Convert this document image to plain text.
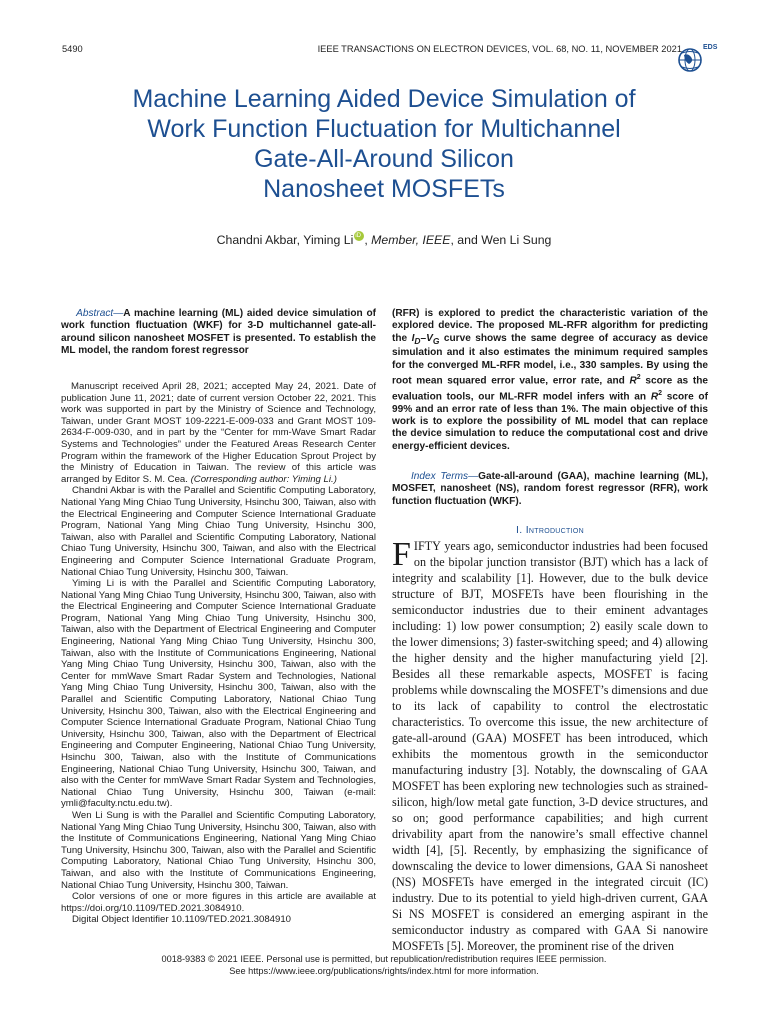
5490	IEEE TRANSACTIONS ON ELECTRON DEVICES, VOL. 68, NO. 11, NOVEMBER 2021	EDS
Machine Learning Aided Device Simulation of
Work Function Fluctuation for Multichannel
Gate-All-Around Silicon
Nanosheet MOSFETs
Chandni Akbar, Yiming LiiD , Member, IEEE, and Wen Li Sung
Abstract—A machine learning (ML) aided device simulation of work function fluctuation (WKF) for 3-D multichannel gate-all-around silicon nanosheet MOSFET is presented. To establish the ML model, the random forest regressor

Manuscript received April 28, 2021; accepted May 24, 2021. Date of publication June 11, 2021; date of current version October 22, 2021. This work was supported in part by the Ministry of Science and Technology, Taiwan, under Grant MOST 109-2221-E-009-033 and Grant MOST 109-2634-F-009-030, and in part by the “Center for mm-Wave Smart Radar Systems and Technologies” under the Featured Areas Research Center Program within the framework of the Higher Education Sprout Project by the Ministry of Education in Taiwan. The review of this article was arranged by Editor S. M. Cea. (Corresponding author: Yiming Li.)

Chandni Akbar is with the Parallel and Scientific Computing Laboratory, National Yang Ming Chiao Tung University, Hsinchu 300, Taiwan, also with the Electrical Engineering and Computer Science International Graduate Program, National Yang Ming Chiao Tung University, Hsinchu 300, Taiwan, also with Parallel and Scientific Computing Laboratory, National Chiao Tung University, Hsinchu 300, Taiwan, and also with the Electrical Engineering and Computer Science International Graduate Program, National Chiao Tung University, Hsinchu 300, Taiwan.

Yiming Li is with the Parallel and Scientific Computing Laboratory, National Yang Ming Chiao Tung University, Hsinchu 300, Taiwan, also with the Electrical Engineering and Computer Science International Graduate Program, National Yang Ming Chiao Tung University, Hsinchu 300, Taiwan, also with the Department of Electrical Engineering and Computer Engineering, National Yang Ming Chiao Tung University, Hsinchu 300, Taiwan, also with the Institute of Communications Engineering, National Yang Ming Chiao Tung University, Hsinchu 300, Taiwan, also with the Center for mmWave Smart Radar System and Technologies, National Yang Ming Chiao Tung University, Hsinchu 300, Taiwan, also with the Parallel and Scientific Computing Laboratory, National Chiao Tung University, Hsinchu 300, Taiwan, also with the Electrical Engineering and Computer Science International Graduate Program, National Chiao Tung University, Hsinchu 300, Taiwan, also with the Department of Electrical Engineering and Computer Engineering, National Chiao Tung University, Hsinchu 300, Taiwan, also with the Institute of Communications Engineering, National Chiao Tung University, Hsinchu 300, Taiwan, and also with the Center for mmWave Smart Radar System and Technologies, National Chiao Tung University, Hsinchu 300, Taiwan (e-mail: ymli@faculty.nctu.edu.tw).

Wen Li Sung is with the Parallel and Scientific Computing Laboratory, National Yang Ming Chiao Tung University, Hsinchu 300, Taiwan, also with the Institute of Communications Engineering, National Yang Ming Chiao Tung University, Hsinchu 300, Taiwan, also with the Parallel and Scientific Computing Laboratory, National Chiao Tung University, Hsinchu 300, Taiwan, and also with the Institute of Communications Engineering, National Chiao Tung University, Hsinchu 300, Taiwan.

Color versions of one or more figures in this article are available at https://doi.org/10.1109/TED.2021.3084910.

Digital Object Identifier 10.1109/TED.2021.3084910

(RFR) is explored to predict the characteristic variation of the explored device. The proposed ML-RFR algorithm for predicting the $I_D-V_G$ curve shows the same degree of accuracy as device simulation and it also estimates the minimum required samples for the converged ML-RFR model, i.e., 330 samples. By using the root mean squared error value, error rate, and $R^2$ score as the evaluation tools, our ML-RFR model infers with an $R^2$ score of 99% and an error rate of less than 1%. The main objective of this work is to explore the possibility of ML model that can replace the device simulation to reduce the computational cost and drive energy-efficient devices.
Index Terms—Gate-all-around (GAA), machine learning (ML), MOSFET, nanosheet (NS), random forest regressor (RFR), work function fluctuation (WKF).
I. Introduction
FIFTY years ago, semiconductor industries had been focused on the bipolar junction transistor (BJT) which has a lack of integrity and scalability [1]. However, due to the bulk device structure of BJT, MOSFETs have been flourishing in the semiconductor industries due to their eminent advantages including: 1) low power consumption; 2) easily scale down to the lower dimensions; 3) faster-switching speed; and 4) allowing the higher density and the higher manufacturing yield [2]. Besides all these remarkable aspects, MOSFET is facing problems while downscaling the MOSFET’s dimensions and due to its lack of capability to control the electrostatic characteristics. To overcome this issue, the new architecture of gate-all-around (GAA) MOSFET has been introduced, which exhibits the momentous growth in the semiconductor manufacturing industry [3]. Notably, the downscaling of GAA MOSFET has been exploring new technologies such as strained-silicon, high/low metal gate function, 3-D device structures, and so on; good performance capabilities; and high current drivability apart from the nanowire’s small effective channel width [4], [5]. Recently, by emphasizing the significance of downscaling the device to lower dimensions, GAA Si nanosheet (NS) MOSFETs have emerged in the integrated circuit (IC) industry. Due to its potential to yield high-driven current, GAA Si NS MOSFET is considered an emerging aspirant in the semiconductor industry as compared with GAA Si nanowire MOSFETs [5]. Moreover, the prominent rise of the driven
0018-9383 © 2021 IEEE. Personal use is permitted, but republication/redistribution requires IEEE permission.
See https://www.ieee.org/publications/rights/index.html for more information.
